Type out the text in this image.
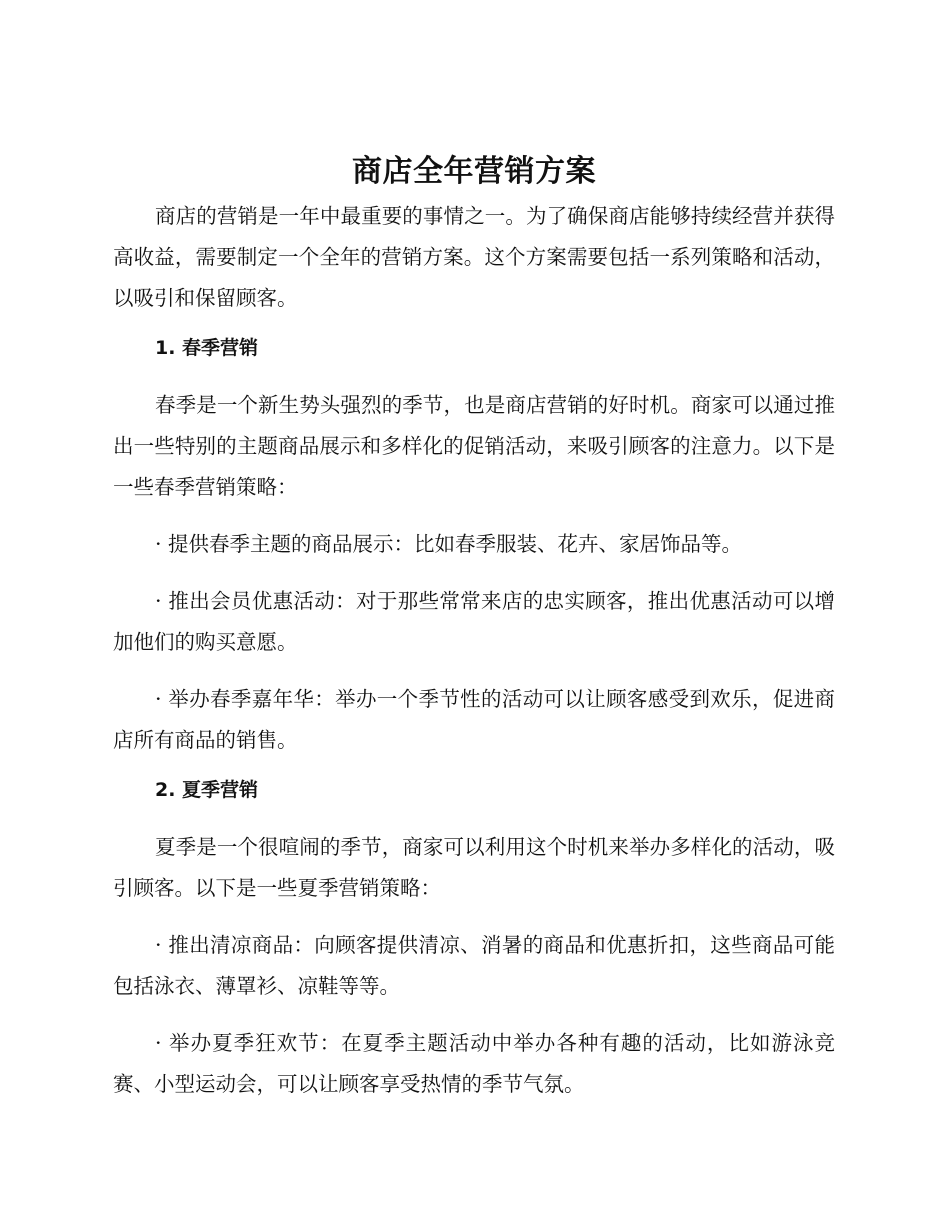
商店全年营销方案

商店的营销是一年中最重要的事情之一。为了确保商店能够持续经营并获得高收益，需要制定一个全年的营销方案。这个方案需要包括一系列策略和活动，以吸引和保留顾客。

1. 春季营销

春季是一个新生势头强烈的季节，也是商店营销的好时机。商家可以通过推出一些特别的主题商品展示和多样化的促销活动，来吸引顾客的注意力。以下是一些春季营销策略：

· 提供春季主题的商品展示：比如春季服装、花卉、家居饰品等。

· 推出会员优惠活动：对于那些常常来店的忠实顾客，推出优惠活动可以增加他们的购买意愿。

· 举办春季嘉年华：举办一个季节性的活动可以让顾客感受到欢乐，促进商店所有商品的销售。

2. 夏季营销

夏季是一个很喧闹的季节，商家可以利用这个时机来举办多样化的活动，吸引顾客。以下是一些夏季营销策略：

· 推出清凉商品：向顾客提供清凉、消暑的商品和优惠折扣，这些商品可能包括泳衣、薄罩衫、凉鞋等等。

· 举办夏季狂欢节：在夏季主题活动中举办各种有趣的活动，比如游泳竞赛、小型运动会，可以让顾客享受热情的季节气氛。
